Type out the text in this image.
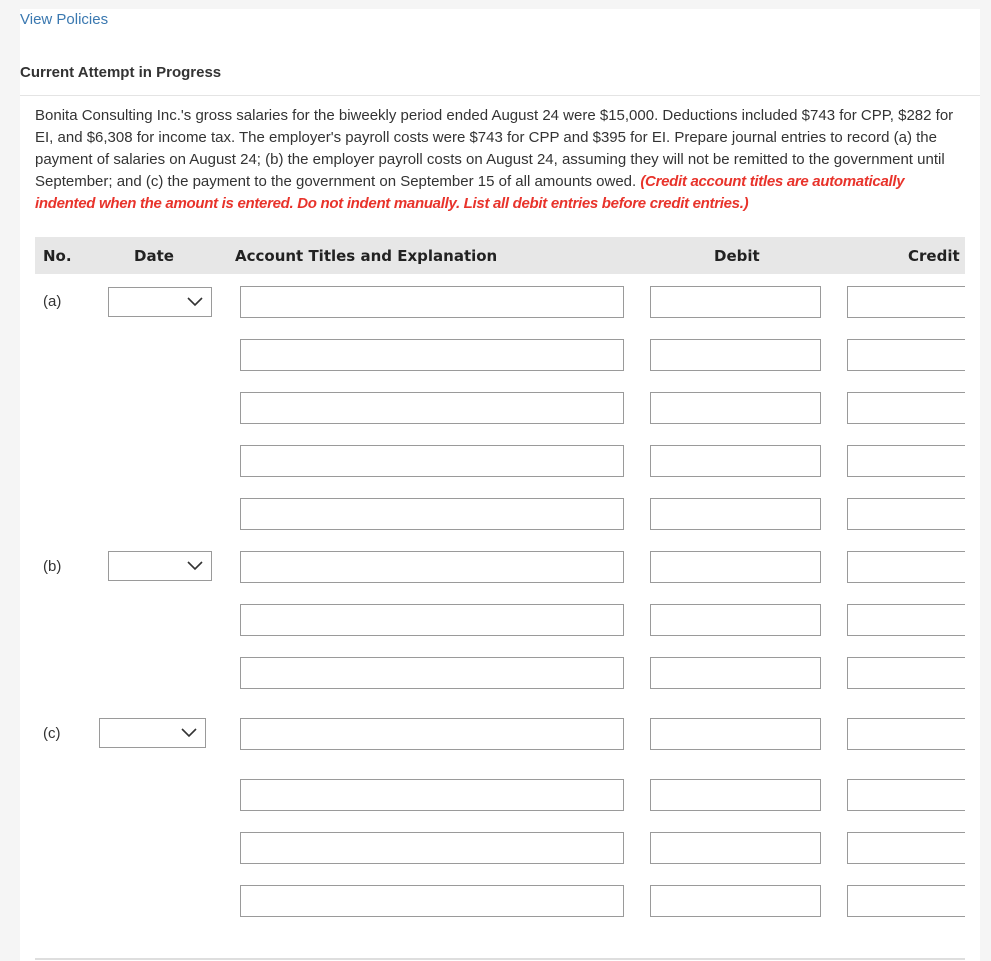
View Policies
Current Attempt in Progress
Bonita Consulting Inc.'s gross salaries for the biweekly period ended August 24 were $15,000. Deductions included $743 for CPP, $282 for EI, and $6,308 for income tax. The employer's payroll costs were $743 for CPP and $395 for EI. Prepare journal entries to record (a) the payment of salaries on August 24; (b) the employer payroll costs on August 24, assuming they will not be remitted to the government until September; and (c) the payment to the government on September 15 of all amounts owed. (Credit account titles are automatically indented when the amount is entered. Do not indent manually. List all debit entries before credit entries.)
No.	Date	Account Titles and Explanation	Debit	Credit
(a)
(b)
(c)
